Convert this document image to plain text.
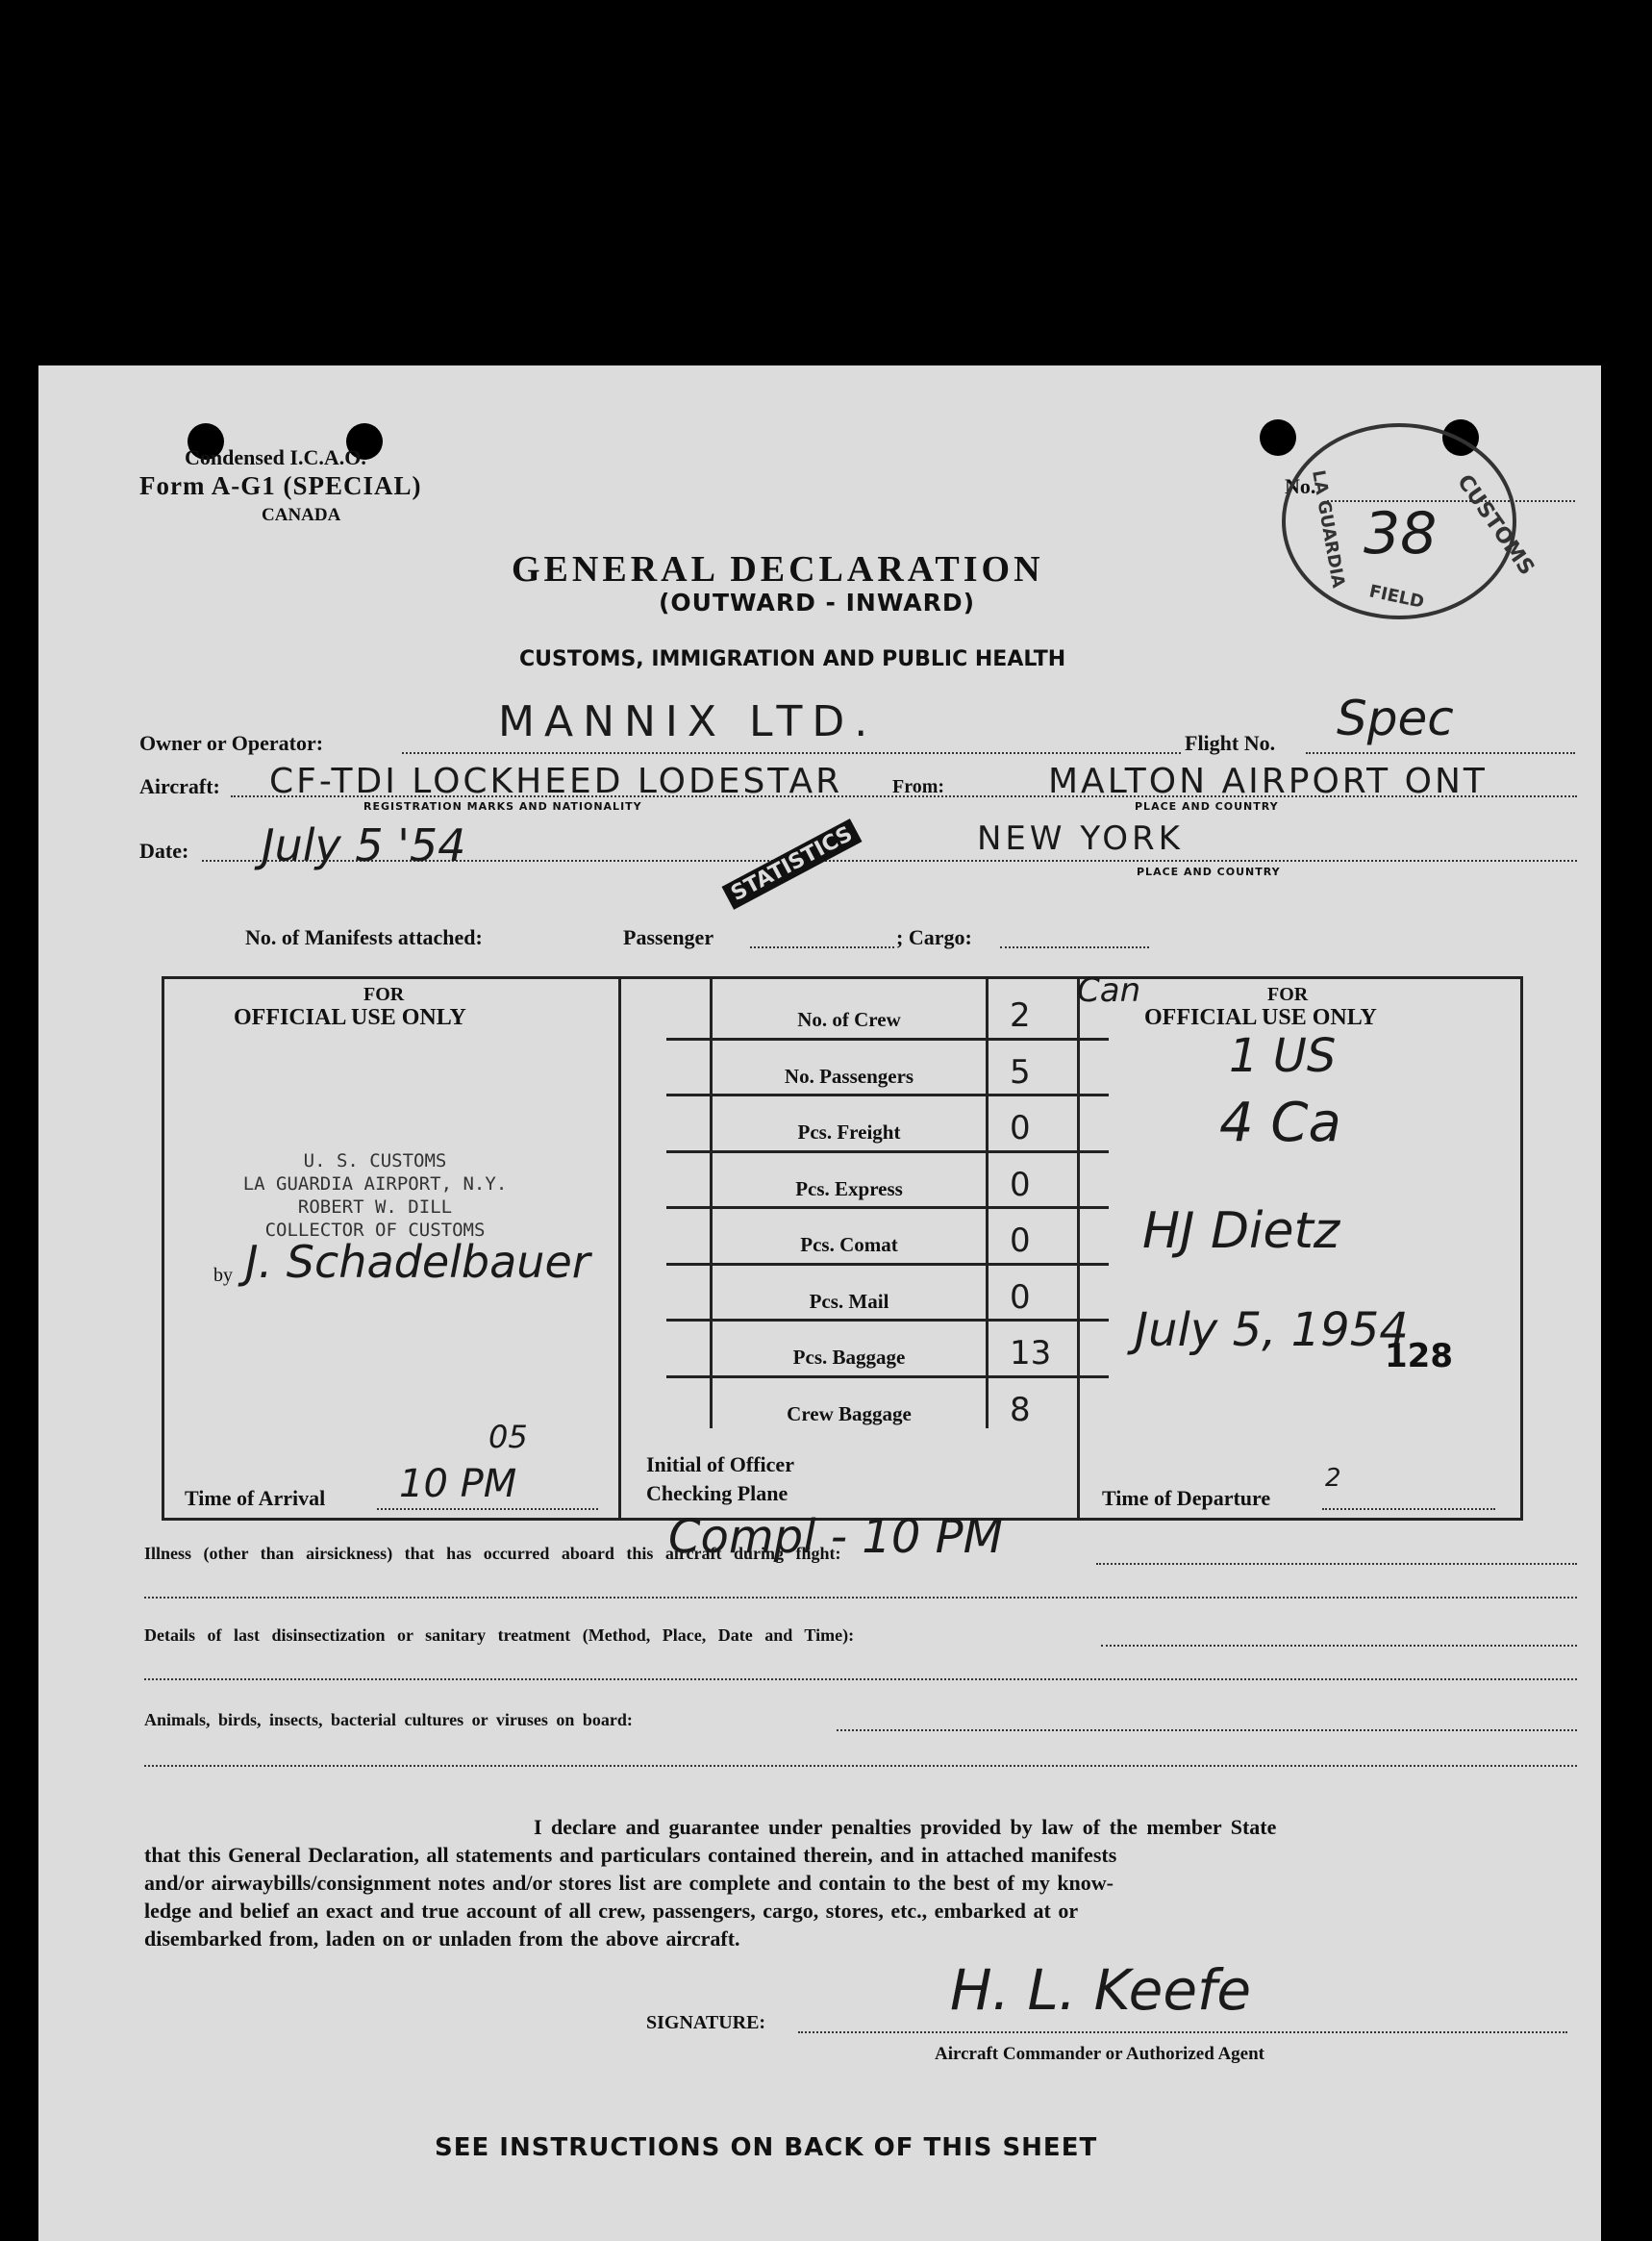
Condensed I.C.A.O.
Form A-G1 (SPECIAL)
CANADA
No.	CUSTOMS
LA GUARDIA
FIELD
38
GENERAL DECLARATION
(OUTWARD - INWARD)
CUSTOMS, IMMIGRATION AND PUBLIC HEALTH
Owner or Operator:	MANNIX LTD.	Flight No. Spec
Aircraft: CF-TDI LOCKHEED LODESTAR	From:	MALTON AIRPORT ONT
REGISTRATION MARKS AND NATIONALITY	PLACE AND COUNTRY
Date: July 5 '54	NEW YORK
PLACE AND COUNTRY
STATISTICS
No. of Manifests attached:	Passenger	; Cargo:
FOR
OFFICIAL USE ONLY
U. S. CUSTOMS
LA GUARDIA AIRPORT, N.Y.
ROBERT W. DILL
COLLECTOR OF CUSTOMS
by J. Schadelbauer
Time of Arrival 10 PM
05
No. of Crew	2
No. Passengers	5
Pcs. Freight	0
Pcs. Express	0
Pcs. Comat	0
Pcs. Mail	0
Pcs. Baggage	13
Crew Baggage	8
Initial of Officer
Checking Plane
FOR
OFFICIAL USE ONLY
Can
1 US
4 Ca
HJ Dietz
July 5, 1954
128
Time of Departure
2
Illness (other than airsickness) that has occurred aboard this aircraft during flight:
Compl - 10 PM
Details of last disinsectization or sanitary treatment (Method, Place, Date and Time):
Animals, birds, insects, bacterial cultures or viruses on board:
I declare and guarantee under penalties provided by law of the member State
that this General Declaration, all statements and particulars contained therein, and in attached manifests
and/or airwaybills/consignment notes and/or stores list are complete and contain to the best of my know-
ledge and belief an exact and true account of all crew, passengers, cargo, stores, etc., embarked at or
disembarked from, laden on or unladen from the above aircraft.
SIGNATURE:	H. L. Keefe
Aircraft Commander or Authorized Agent
SEE INSTRUCTIONS ON BACK OF THIS SHEET
